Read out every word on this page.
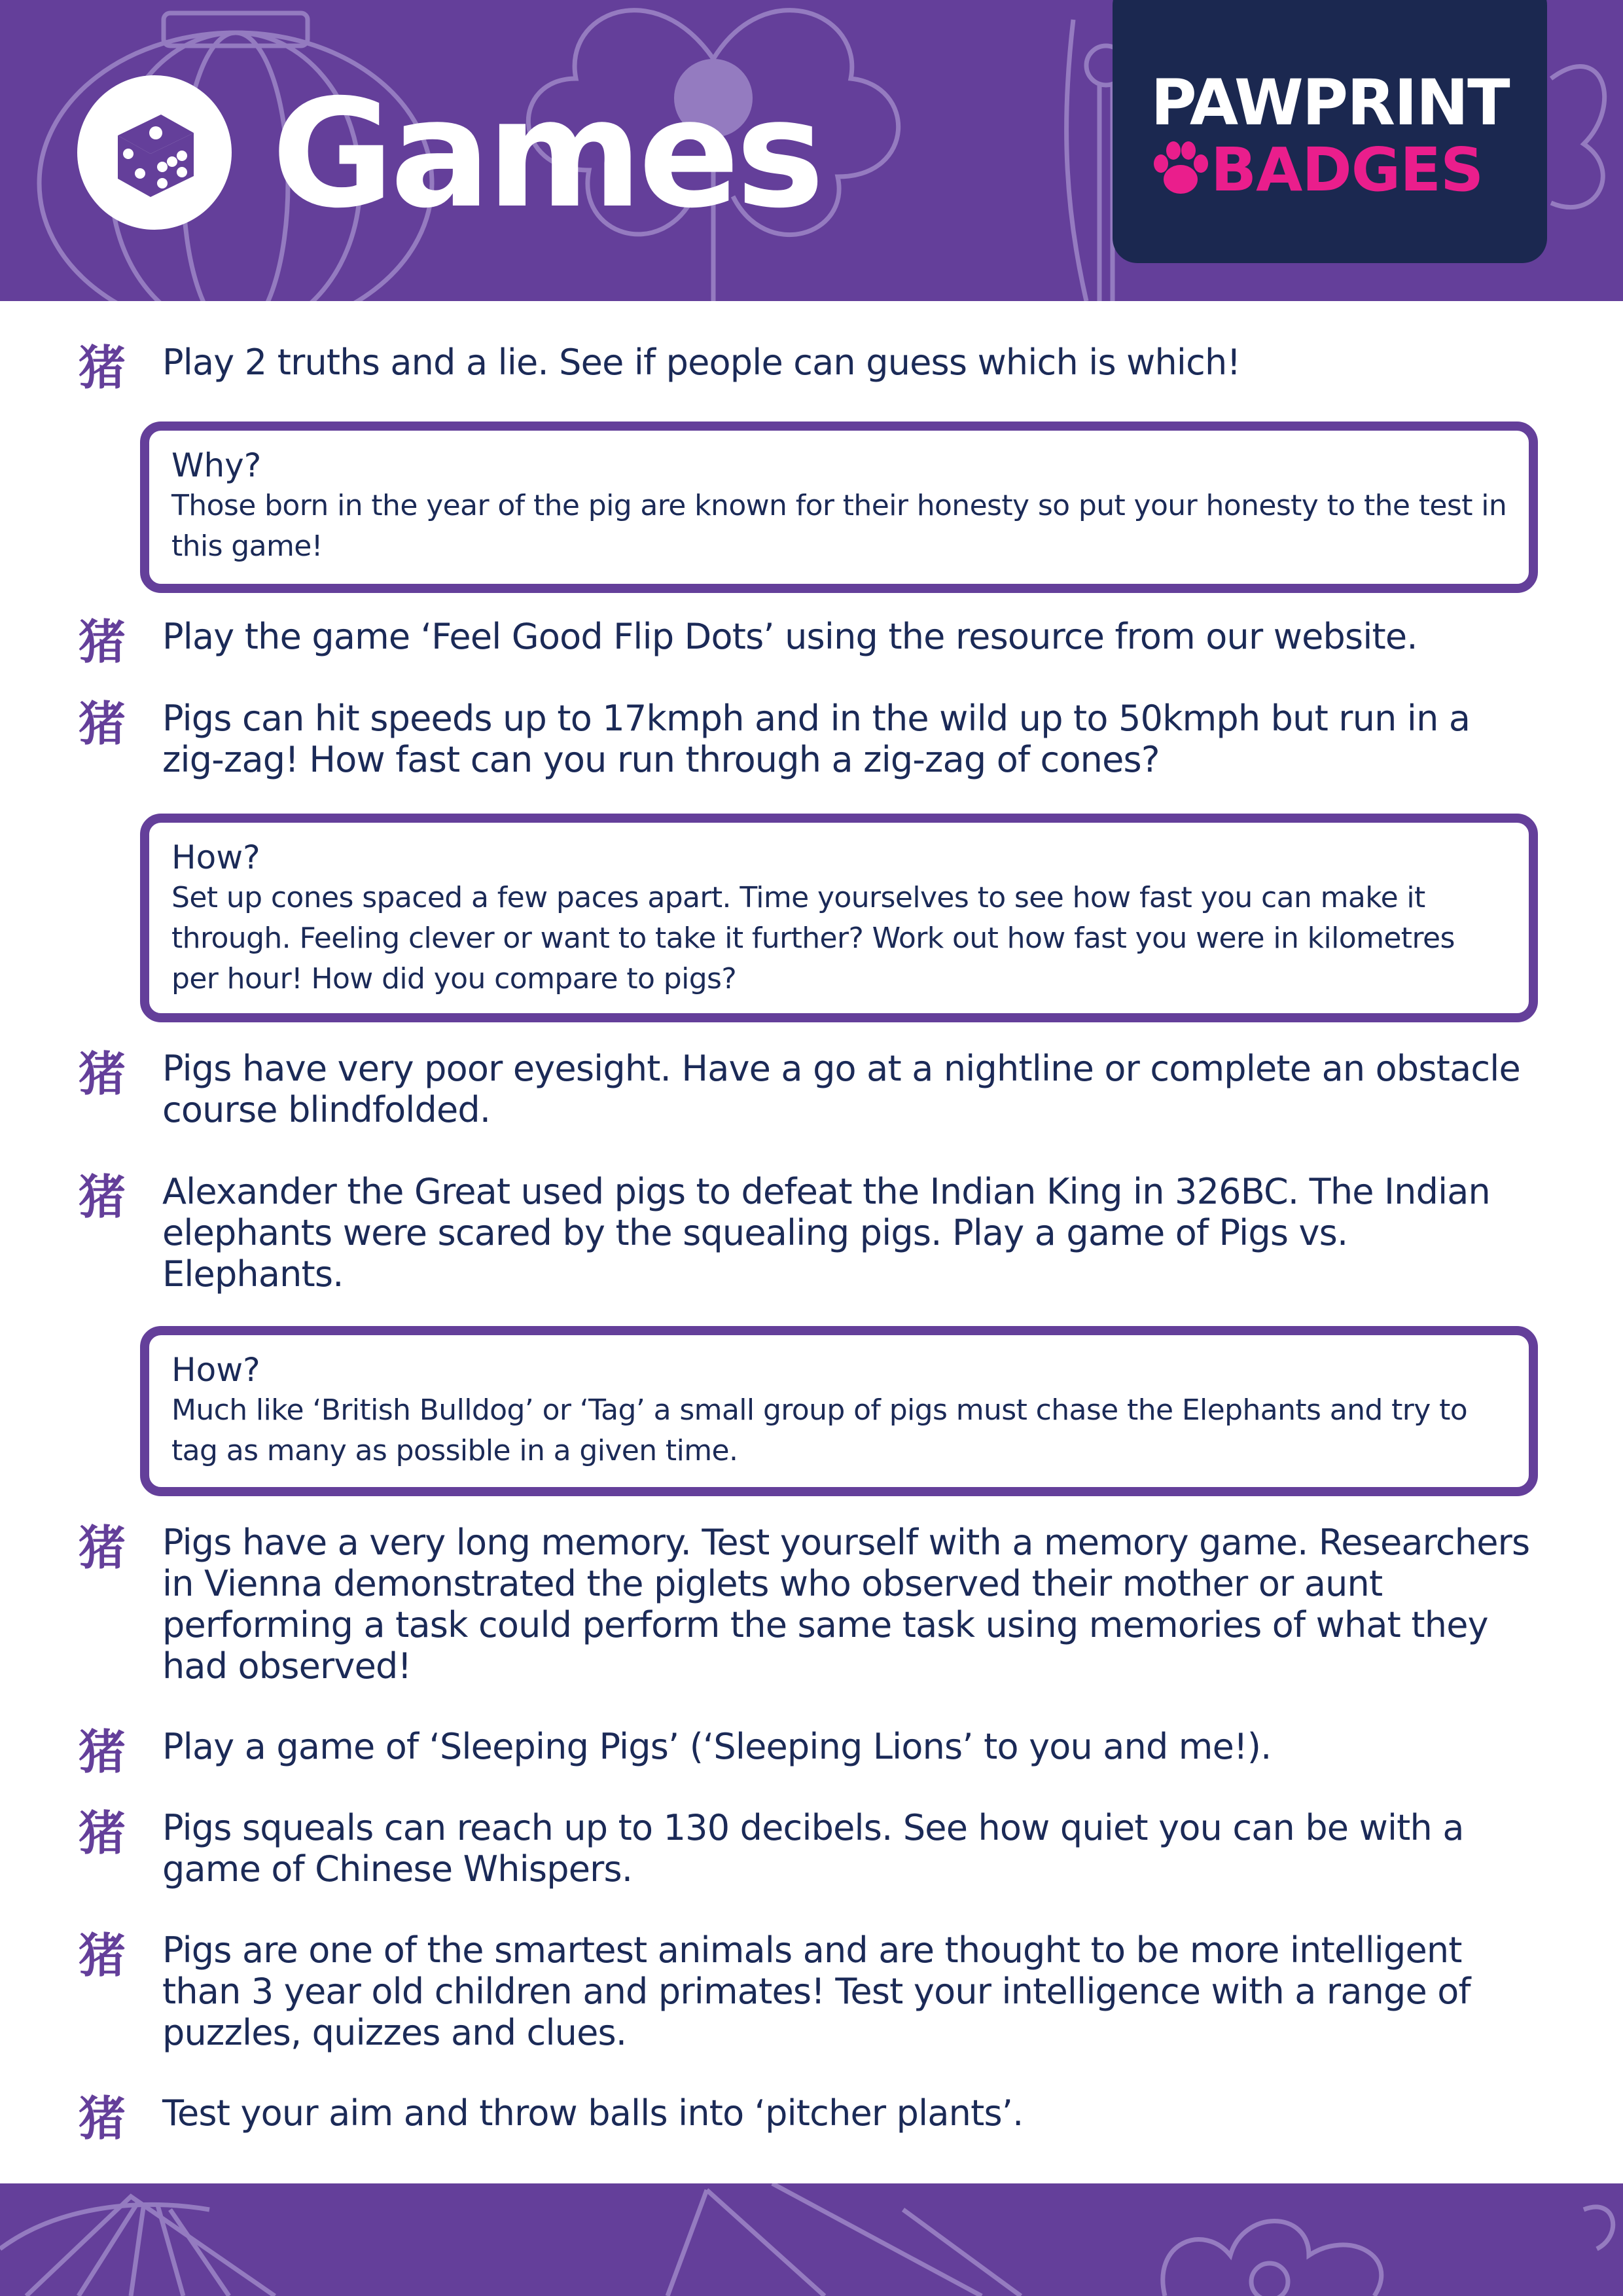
Games	PAWPRINT
BADGES
猪 Play 2 truths and a lie. See if people can guess which is which!

Why?

Those born in the year of the pig are known for their honesty so put your honesty to the test in this game!

猪 Play the game ‘Feel Good Flip Dots’ using the resource from our website.

猪 Pigs can hit speeds up to 17kmph and in the wild up to 50kmph but run in a zig-zag! How fast can you run through a zig-zag of cones?

How?

Set up cones spaced a few paces apart. Time yourselves to see how fast you can make it through. Feeling clever or want to take it further? Work out how fast you were in kilometres per hour! How did you compare to pigs?

猪 Pigs have very poor eyesight. Have a go at a nightline or complete an obstacle course blindfolded.

猪 Alexander the Great used pigs to defeat the Indian King in 326BC. The Indian elephants were scared by the squealing pigs. Play a game of Pigs vs. Elephants.

How?

Much like ‘British Bulldog’ or ‘Tag’ a small group of pigs must chase the Elephants and try to tag as many as possible in a given time.

猪 Pigs have a very long memory. Test yourself with a memory game. Researchers in Vienna demonstrated the piglets who observed their mother or aunt performing a task could perform the same task using memories of what they had observed!

猪 Play a game of ‘Sleeping Pigs’ (‘Sleeping Lions’ to you and me!).

猪 Pigs squeals can reach up to 130 decibels. See how quiet you can be with a game of Chinese Whispers.

猪 Pigs are one of the smartest animals and are thought to be more intelligent than 3 year old children and primates! Test your intelligence with a range of puzzles, quizzes and clues.

猪 Test your aim and throw balls into ‘pitcher plants’.
